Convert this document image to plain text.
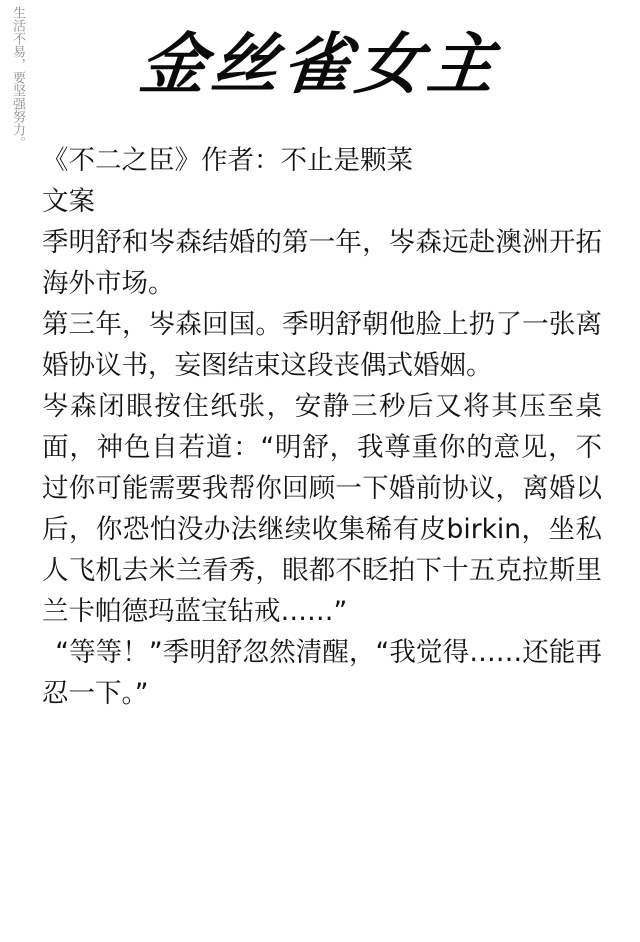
生活不易，要坚强努力。	金丝雀女主

《不二之臣》作者：不止是颗菜

文案

季明舒和岑森结婚的第一年，岑森远赴澳洲开拓海外市场。

第三年，岑森回国。季明舒朝他脸上扔了一张离婚协议书，妄图结束这段丧偶式婚姻。

岑森闭眼按住纸张，安静三秒后又将其压至桌面，神色自若道：“明舒，我尊重你的意见，不过你可能需要我帮你回顾一下婚前协议，离婚以后，你恐怕没办法继续收集稀有皮birkin，坐私人飞机去米兰看秀，眼都不眨拍下十五克拉斯里兰卡帕德玛蓝宝钻戒……”

“等等！”季明舒忽然清醒，“我觉得……还能再忍一下。”
